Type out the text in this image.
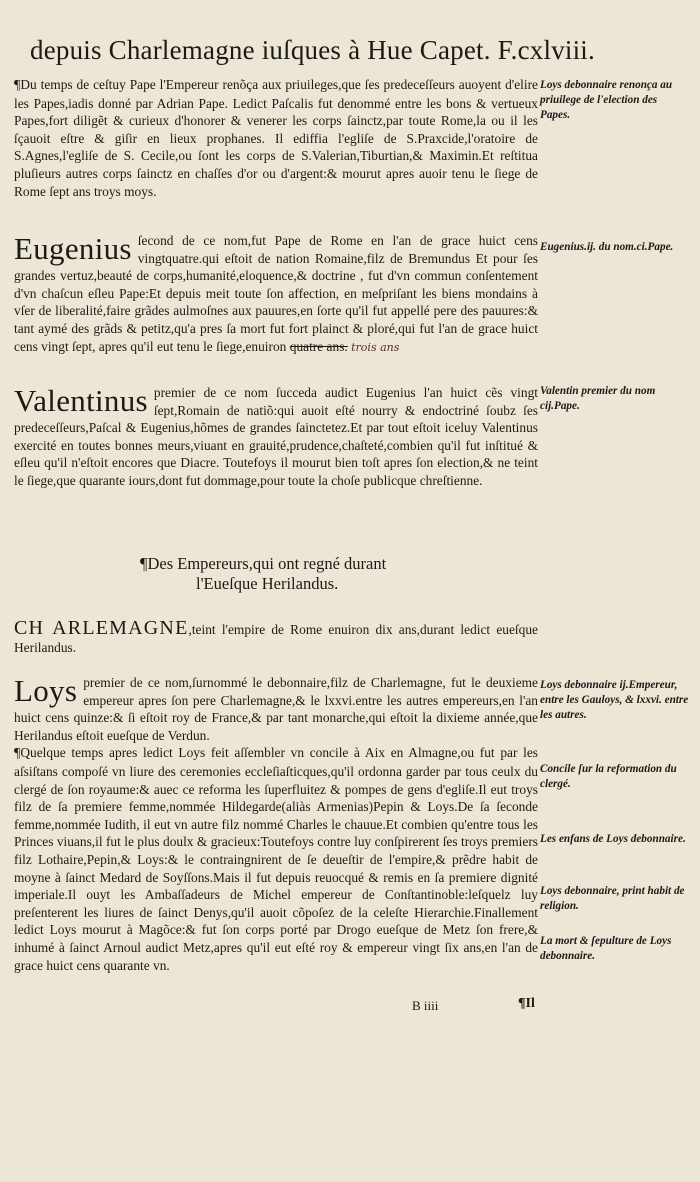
depuis Charlemagne iuſques à Hue Capet. F.cxlviii.

¶Du temps de ceſtuy Pape l'Empereur renõça aux priuileges,que ſes predeceſſeurs auoyent d'elire les Papes,iadis donné par Adrian Pape. Ledict Paſcalis fut denommé entre les bons & vertueux Papes,fort diligẽt & curieux d'honorer & venerer les corps ſainctz,par toute Rome,la ou il les ſçauoit eſtre & giſir en lieux prophanes. Il ediffia l'egliſe de S.Praxcide,l'oratoire de S.Agnes,l'egliſe de S. Cecile,ou ſont les corps de S.Valerian,Tiburtian,& Maximin.Et reſtitua pluſieurs autres corps ſainctz en chaſſes d'or ou d'argent:& mourut apres auoir tenu le ſiege de Rome ſept ans troys moys.

Loys debonnaire renonça au priuilege de l'election des Papes.

Eugenius ſecond de ce nom,fut Pape de Rome en l'an de grace huict cens vingtquatre.qui eſtoit de nation Romaine,filz de Bremundus Et pour ſes grandes vertuz,beauté de corps,humanité,eloquence,& doctrine , fut d'vn commun conſentement d'vn chaſcun eſleu Pape:Et depuis meit toute ſon affection, en meſpriſant les biens mondains à vſer de liberalité,faire grãdes aulmoſnes aux pauures,en ſorte qu'il fut appellé pere des pauures:& tant aymé des grãds & petitz,qu'a pres ſa mort fut fort plainct & ploré,qui fut l'an de grace huict cens vingt ſept, apres qu'il eut tenu le ſiege,enuiron quatre ans. trois ans

Eugenius.ij. du nom.ci.Pape.

Valentinus premier de ce nom ſucceda audict Eugenius l'an huict cẽs vingt ſept,Romain de natiõ:qui auoit eſté nourry & endoctriné ſoubz ſes predeceſſeurs,Paſcal & Eugenius,hõmes de grandes ſainctetez.Et par tout eſtoit iceluy Valentinus exercité en toutes bonnes meurs,viuant en grauité,prudence,chaſteté,combien qu'il fut inſtitué & eſleu qu'il n'eſtoit encores que Diacre. Toutefoys il mourut bien toſt apres ſon election,& ne teint le ſiege,que quarante iours,dont fut dommage,pour toute la choſe publicque chreſtienne.

Valentin premier du nom cij.Pape.
¶Des Empereurs,qui ont regné durant
l'Eueſque Herilandus.

CH ARLEMAGNE,teint l'empire de Rome enuiron dix ans,durant ledict eueſque Herilandus.

Loys premier de ce nom,ſurnommé le debonnaire,filz de Charlemagne, fut le deuxieme empereur apres ſon pere Charlemagne,& le lxxvi.entre les autres empereurs,en l'an huict cens quinze:& ſi eſtoit roy de France,& par tant monarche,qui eſtoit la dixieme année,que Herilandus eſtoit eueſque de Verdun.
¶Quelque temps apres ledict Loys feit aſſembler vn concile à Aix en Almagne,ou fut par les aſsiſtans compoſé vn liure des ceremonies eccleſiaſticques,qu'il ordonna garder par tous ceulx du clergé de ſon royaume:& auec ce reforma les ſuperfluitez & pompes de gens d'egliſe.Il eut troys filz de ſa premiere femme,nommée Hildegarde(aliàs Armenias)Pepin & Loys.De ſa ſeconde femme,nommée Iudith, il eut vn autre filz nommé Charles le chauue.Et combien qu'entre tous les Princes viuans,il fut le plus doulx & gracieux:Toutefoys contre luy conſpirerent ſes troys premiers filz Lothaire,Pepin,& Loys:& le contraingnirent de ſe deueſtir de l'empire,& prẽdre habit de moyne à ſainct Medard de Soyſſons.Mais il fut depuis reuocqué & remis en ſa premiere dignité imperiale.Il ouyt les Ambaſſadeurs de Michel empereur de Conſtantinoble:leſquelz luy preſenterent les liures de ſainct Denys,qu'il auoit cõpoſez de la celeſte Hierarchie.Finallement ledict Loys mourut à Magõce:& fut ſon corps porté par Drogo eueſque de Metz ſon frere,& inhumé à ſainct Arnoul audict Metz,apres qu'il eut eſté roy & empereur vingt ſix ans,en l'an de grace huict cens quarante vn.

Loys debonnaire ij.Empereur, entre les Gauloys, & lxxvi. entre les autres.
Concile ſur la reformation du clergé.
Les enfans de Loys debonnaire.
Loys debonnaire, print habit de religion.
La mort & ſepulture de Loys debonnaire.
B iiii	¶Il
